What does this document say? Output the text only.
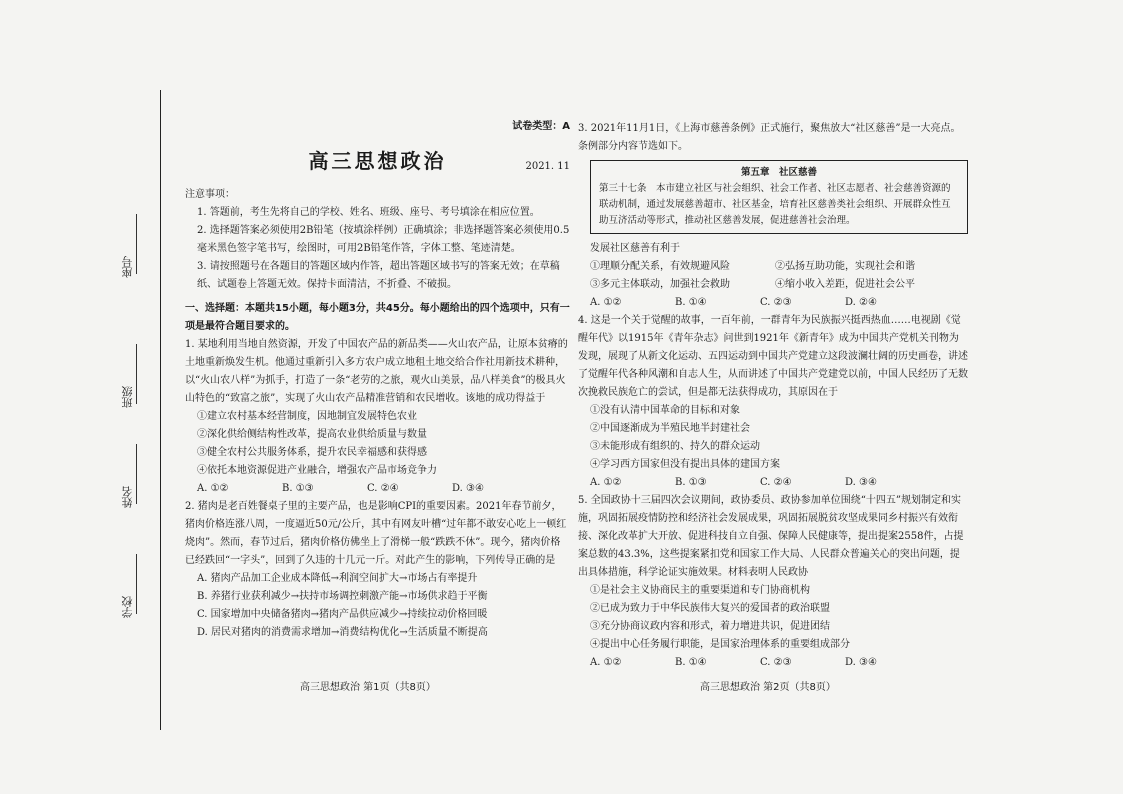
座号
班级
姓名
学校
试卷类型：A
高三思想政治	2021. 11

注意事项：

1. 答题前，考生先将自己的学校、姓名、班级、座号、考号填涂在相应位置。

2. 选择题答案必须使用2B铅笔（按填涂样例）正确填涂；非选择题答案必须使用0.5毫米黑色签字笔书写，绘图时，可用2B铅笔作答，字体工整、笔迹清楚。

3. 请按照题号在各题目的答题区域内作答，超出答题区域书写的答案无效；在草稿纸、试题卷上答题无效。保持卡面清洁，不折叠、不破损。

一、选择题：本题共15小题，每小题3分，共45分。每小题给出的四个选项中，只有一项是最符合题目要求的。

1. 某地利用当地自然资源，开发了中国农产品的新品类——火山农产品，让原本贫瘠的土地重新焕发生机。他通过重新引入多方农户成立地租土地交给合作社用新技术耕种，以“火山农八样”为抓手，打造了一条“老劳的之旅，观火山美景，品八样美食”的极具火山特色的“致富之旅”，实现了火山农产品精准营销和农民增收。该地的成功得益于

①建立农村基本经营制度，因地制宜发展特色农业

②深化供给侧结构性改革，提高农业供给质量与数量

③健全农村公共服务体系，提升农民幸福感和获得感

④依托本地资源促进产业融合，增强农产品市场竞争力

A. ①②	B. ①③	C. ②④	D. ③④

2. 猪肉是老百姓餐桌子里的主要产品，也是影响CPI的重要因素。2021年春节前夕，猪肉价格连涨八周，一度逼近50元/公斤，其中有网友叶槽“过年都不敢安心吃上一顿红烧肉”。然而，春节过后，猪肉价格仿佛坐上了滑梯一般“跌跌不休”。现今，猪肉价格已经跌回“一字头”，回到了久违的十几元一斤。对此产生的影响，下列传导正确的是

A. 猪肉产品加工企业成本降低→利润空间扩大→市场占有率提升

B. 养猪行业获利减少→扶持市场调控刺激产能→市场供求趋于平衡

C. 国家增加中央储备猪肉→猪肉产品供应减少→持续拉动价格回暖

D. 居民对猪肉的消费需求增加→消费结构优化→生活质量不断提高

3. 2021年11月1日，《上海市慈善条例》正式施行，聚焦放大“社区慈善”是一大亮点。条例部分内容节选如下。

第五章　社区慈善
第三十七条　本市建立社区与社会组织、社会工作者、社区志愿者、社会慈善资源的联动机制，通过发展慈善超市、社区基金，培育社区慈善类社会组织、开展群众性互助互济活动等形式，推动社区慈善发展，促进慈善社会治理。

发展社区慈善有利于

①理顺分配关系，有效规避风险	②弘扬互助功能，实现社会和谐
③多元主体联动，加强社会救助	④缩小收入差距，促进社会公平
A. ①②	B. ①④	C. ②③	D. ②④

4. 这是一个关于觉醒的故事，一百年前，一群青年为民族振兴挺西热血……电视剧《觉醒年代》以1915年《青年杂志》问世到1921年《新青年》成为中国共产党机关刊物为发现，展现了从新文化运动、五四运动到中国共产党建立这段波澜壮阔的历史画卷，讲述了觉醒年代各种风潮和自志人生，从而讲述了中国共产党建党以前，中国人民经历了无数次挽救民族危亡的尝试，但是都无法获得成功，其原因在于

①没有认清中国革命的目标和对象

②中国逐渐成为半殖民地半封建社会

③未能形成有组织的、持久的群众运动

④学习西方国家但没有提出具体的建国方案

A. ①②	B. ①③	C. ②④	D. ③④

5. 全国政协十三届四次会议期间，政协委员、政协参加单位围绕“十四五”规划制定和实施，巩固拓展疫情防控和经济社会发展成果，巩固拓展脱贫攻坚成果同乡村振兴有效衔接、深化改革扩大开放、促进科技自立自强、保障人民健康等，提出提案2558件，占提案总数的43.3%，这些提案紧扣党和国家工作大局、人民群众普遍关心的突出问题，提出具体措施，科学论证实施效果。材料表明人民政协

①是社会主义协商民主的重要渠道和专门协商机构

②已成为致力于中华民族伟大复兴的爱国者的政治联盟

③充分协商议政内容和形式，着力增进共识，促进团结

④提出中心任务履行职能，是国家治理体系的重要组成部分

A. ①②	B. ①④	C. ②③	D. ③④
高三思想政治 第1页（共8页）	高三思想政治 第2页（共8页）
